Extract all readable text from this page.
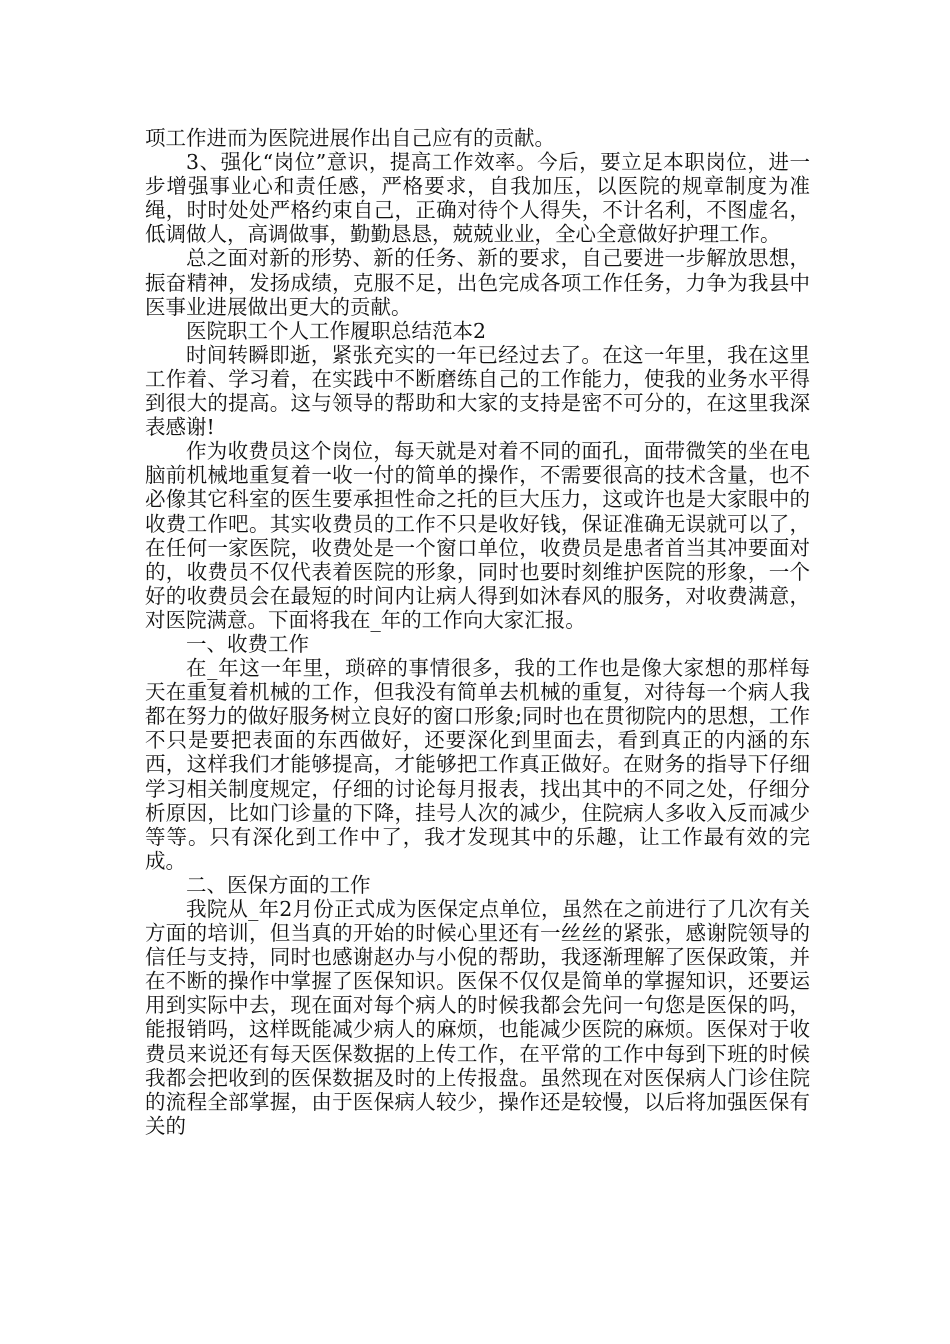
项工作进而为医院进展作出自己应有的贡献。

3、强化“岗位”意识，提高工作效率。今后，要立足本职岗位，进一步增强事业心和责任感，严格要求，自我加压，以医院的规章制度为准绳，时时处处严格约束自己，正确对待个人得失，不计名利，不图虚名，低调做人，高调做事，勤勤恳恳，兢兢业业，全心全意做好护理工作。

总之面对新的形势、新的任务、新的要求，自己要进一步解放思想，振奋精神，发扬成绩，克服不足，出色完成各项工作任务，力争为我县中医事业进展做出更大的贡献。

医院职工个人工作履职总结范本2

时间转瞬即逝，紧张充实的一年已经过去了。在这一年里，我在这里工作着、学习着，在实践中不断磨练自己的工作能力，使我的业务水平得到很大的提高。这与领导的帮助和大家的支持是密不可分的，在这里我深表感谢!

作为收费员这个岗位，每天就是对着不同的面孔，面带微笑的坐在电脑前机械地重复着一收一付的简单的操作，不需要很高的技术含量，也不必像其它科室的医生要承担性命之托的巨大压力，这或许也是大家眼中的收费工作吧。其实收费员的工作不只是收好钱，保证准确无误就可以了，在任何一家医院，收费处是一个窗口单位，收费员是患者首当其冲要面对的，收费员不仅代表着医院的形象，同时也要时刻维护医院的形象，一个好的收费员会在最短的时间内让病人得到如沐春风的服务，对收费满意，对医院满意。下面将我在_年的工作向大家汇报。

一、收费工作

在_年这一年里，琐碎的事情很多，我的工作也是像大家想的那样每天在重复着机械的工作，但我没有简单去机械的重复，对待每一个病人我都在努力的做好服务树立良好的窗口形象;同时也在贯彻院内的思想，工作不只是要把表面的东西做好，还要深化到里面去，看到真正的内涵的东西，这样我们才能够提高，才能够把工作真正做好。在财务的指导下仔细学习相关制度规定，仔细的讨论每月报表，找出其中的不同之处，仔细分析原因，比如门诊量的下降，挂号人次的减少，住院病人多收入反而减少等等。只有深化到工作中了，我才发现其中的乐趣，让工作最有效的完成。

二、医保方面的工作

我院从_年2月份正式成为医保定点单位，虽然在之前进行了几次有关方面的培训，但当真的开始的时候心里还有一丝丝的紧张，感谢院领导的信任与支持，同时也感谢赵办与小倪的帮助，我逐渐理解了医保政策，并在不断的操作中掌握了医保知识。医保不仅仅是简单的掌握知识，还要运用到实际中去，现在面对每个病人的时候我都会先问一句您是医保的吗，能报销吗，这样既能减少病人的麻烦，也能减少医院的麻烦。医保对于收费员来说还有每天医保数据的上传工作，在平常的工作中每到下班的时候我都会把收到的医保数据及时的上传报盘。虽然现在对医保病人门诊住院的流程全部掌握，由于医保病人较少，操作还是较慢，以后将加强医保有关的
